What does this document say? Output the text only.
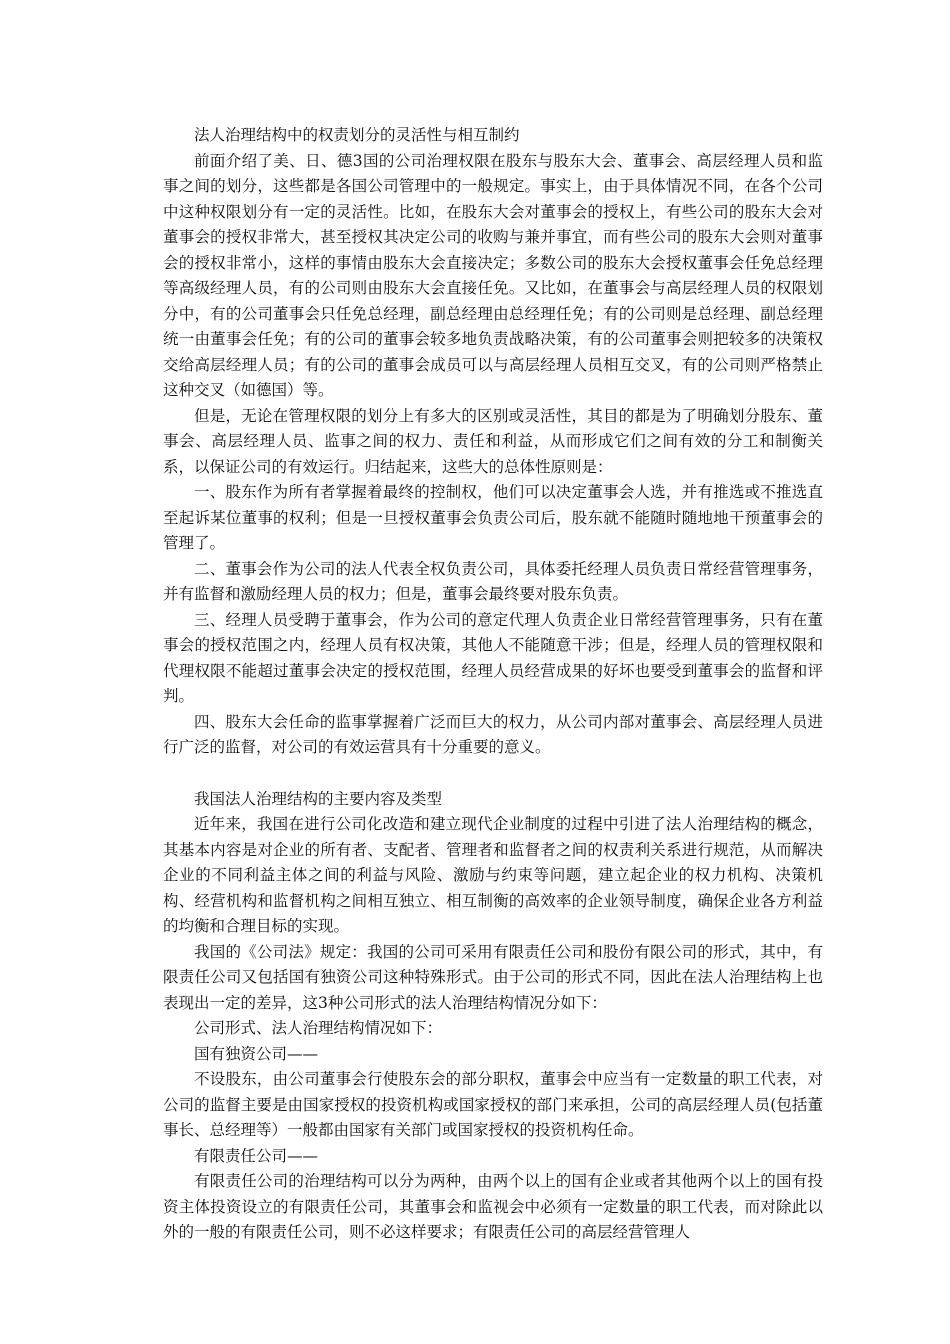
法人治理结构中的权责划分的灵活性与相互制约

前面介绍了美、日、德3国的公司治理权限在股东与股东大会、董事会、高层经理人员和监事之间的划分，这些都是各国公司管理中的一般规定。事实上，由于具体情况不同，在各个公司中这种权限划分有一定的灵活性。比如，在股东大会对董事会的授权上，有些公司的股东大会对董事会的授权非常大，甚至授权其决定公司的收购与兼并事宜，而有些公司的股东大会则对董事会的授权非常小，这样的事情由股东大会直接决定；多数公司的股东大会授权董事会任免总经理等高级经理人员，有的公司则由股东大会直接任免。又比如，在董事会与高层经理人员的权限划分中，有的公司董事会只任免总经理，副总经理由总经理任免；有的公司则是总经理、副总经理统一由董事会任免；有的公司的董事会较多地负责战略决策，有的公司董事会则把较多的决策权交给高层经理人员；有的公司的董事会成员可以与高层经理人员相互交叉，有的公司则严格禁止这种交叉（如德国）等。

但是，无论在管理权限的划分上有多大的区别或灵活性，其目的都是为了明确划分股东、董事会、高层经理人员、监事之间的权力、责任和利益，从而形成它们之间有效的分工和制衡关系，以保证公司的有效运行。归结起来，这些大的总体性原则是：

一、股东作为所有者掌握着最终的控制权，他们可以决定董事会人选，并有推选或不推选直至起诉某位董事的权利；但是一旦授权董事会负责公司后，股东就不能随时随地地干预董事会的管理了。

二、董事会作为公司的法人代表全权负责公司，具体委托经理人员负责日常经营管理事务，并有监督和激励经理人员的权力；但是，董事会最终要对股东负责。

三、经理人员受聘于董事会，作为公司的意定代理人负责企业日常经营管理事务，只有在董事会的授权范围之内，经理人员有权决策，其他人不能随意干涉；但是，经理人员的管理权限和代理权限不能超过董事会决定的授权范围，经理人员经营成果的好坏也要受到董事会的监督和评判。

四、股东大会任命的监事掌握着广泛而巨大的权力，从公司内部对董事会、高层经理人员进行广泛的监督，对公司的有效运营具有十分重要的意义。

我国法人治理结构的主要内容及类型

近年来，我国在进行公司化改造和建立现代企业制度的过程中引进了法人治理结构的概念，其基本内容是对企业的所有者、支配者、管理者和监督者之间的权责利关系进行规范，从而解决企业的不同利益主体之间的利益与风险、激励与约束等问题，建立起企业的权力机构、决策机构、经营机构和监督机构之间相互独立、相互制衡的高效率的企业领导制度，确保企业各方利益的均衡和合理目标的实现。

我国的《公司法》规定：我国的公司可采用有限责任公司和股份有限公司的形式，其中，有限责任公司又包括国有独资公司这种特殊形式。由于公司的形式不同，因此在法人治理结构上也表现出一定的差异，这3种公司形式的法人治理结构情况分如下：

公司形式、法人治理结构情况如下：

国有独资公司——

不设股东，由公司董事会行使股东会的部分职权，董事会中应当有一定数量的职工代表，对公司的监督主要是由国家授权的投资机构或国家授权的部门来承担，公司的高层经理人员(包括董事长、总经理等）一般都由国家有关部门或国家授权的投资机构任命。

有限责任公司——

有限责任公司的治理结构可以分为两种，由两个以上的国有企业或者其他两个以上的国有投资主体投资设立的有限责任公司，其董事会和监视会中必须有一定数量的职工代表，而对除此以外的一般的有限责任公司，则不必这样要求；有限责任公司的高层经营管理人
